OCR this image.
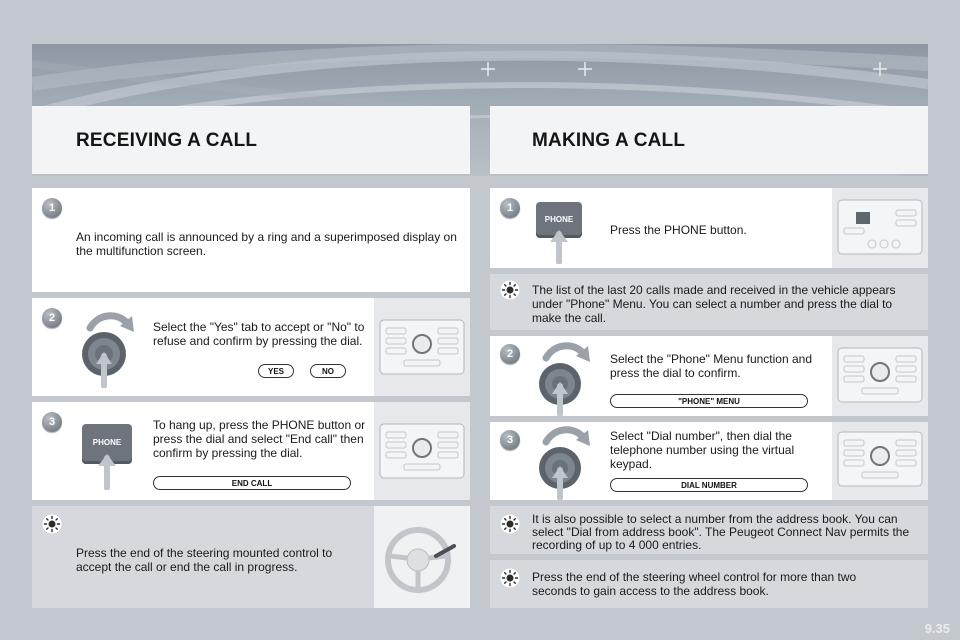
RECEIVING A CALL	MAKING A CALL
1
An incoming call is announced by a ring and a superimposed display on the multifunction screen.
2
Select the "Yes" tab to accept or "No" to refuse and confirm by pressing the dial.
YES	NO
3
PHONE
To hang up, press the PHONE button or press the dial and select "End call" then confirm by pressing the dial.
END CALL
Press the end of the steering mounted control to accept the call or end the call in progress.
1
PHONE
Press the PHONE button.
The list of the last 20 calls made and received in the vehicle appears under "Phone" Menu. You can select a number and press the dial to make the call.
2	Select the "Phone" Menu function and press the dial to confirm.
"PHONE" MENU
3	Select "Dial number", then dial the telephone number using the virtual keypad.
DIAL NUMBER
It is also possible to select a number from the address book. You can select "Dial from address book". The Peugeot Connect Nav permits the recording of up to 4 000 entries.
Press the end of the steering wheel control for more than two seconds to gain access to the address book.
9.35
